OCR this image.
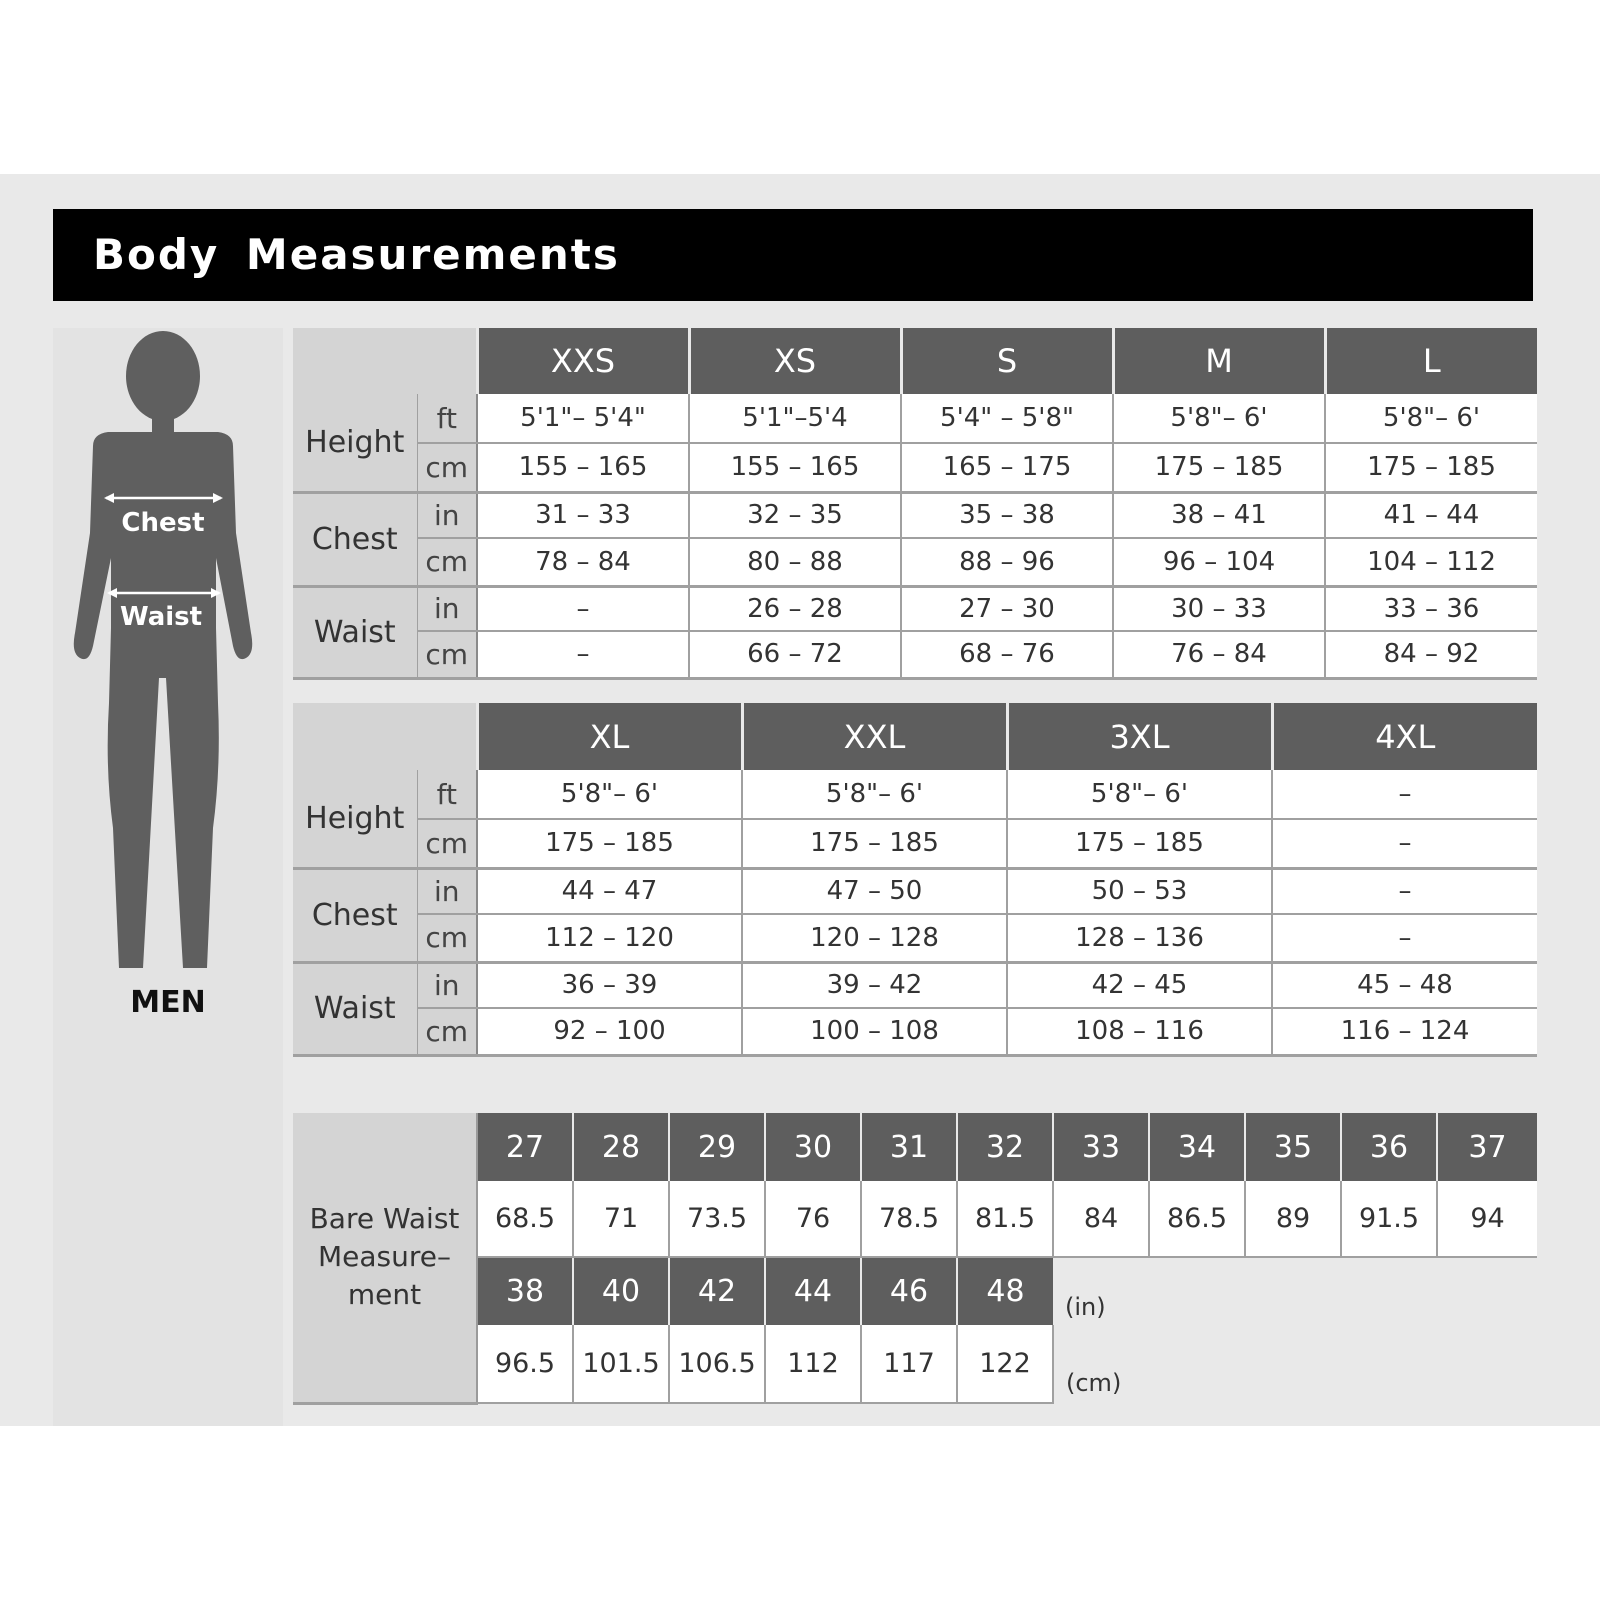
Body Measurements
Chest
Waist
MEN
		XXS	XS	S	M	L
Height	ft	5'1"– 5'4"	5'1"–5'4	5'4" – 5'8"	5'8"– 6'	5'8"– 6'
	cm	155 – 165	155 – 165	165 – 175	175 – 185	175 – 185
Chest	in	31 – 33	32 – 35	35 – 38	38 – 41	41 – 44
	cm	78 – 84	80 – 88	88 – 96	96 – 104	104 – 112
Waist	in	–	26 – 28	27 – 30	30 – 33	33 – 36
	cm	–	66 – 72	68 – 76	76 – 84	84 – 92
		XL	XXL	3XL	4XL
Height	ft	5'8"– 6'	5'8"– 6'	5'8"– 6'	–
	cm	175 – 185	175 – 185	175 – 185	–
Chest	in	44 – 47	47 – 50	50 – 53	–
	cm	112 – 120	120 – 128	128 – 136	–
Waist	in	36 – 39	39 – 42	42 – 45	45 – 48
	cm	92 – 100	100 – 108	108 – 116	116 – 124
Bare Waist
Measure–
ment	27	28	29	30	31	32	33	34	35	36	37
	68.5	71	73.5	76	78.5	81.5	84	86.5	89	91.5	94
	38	40	42	44	46	48	(in)				
	96.5	101.5	106.5	112	117	122	(cm)				
